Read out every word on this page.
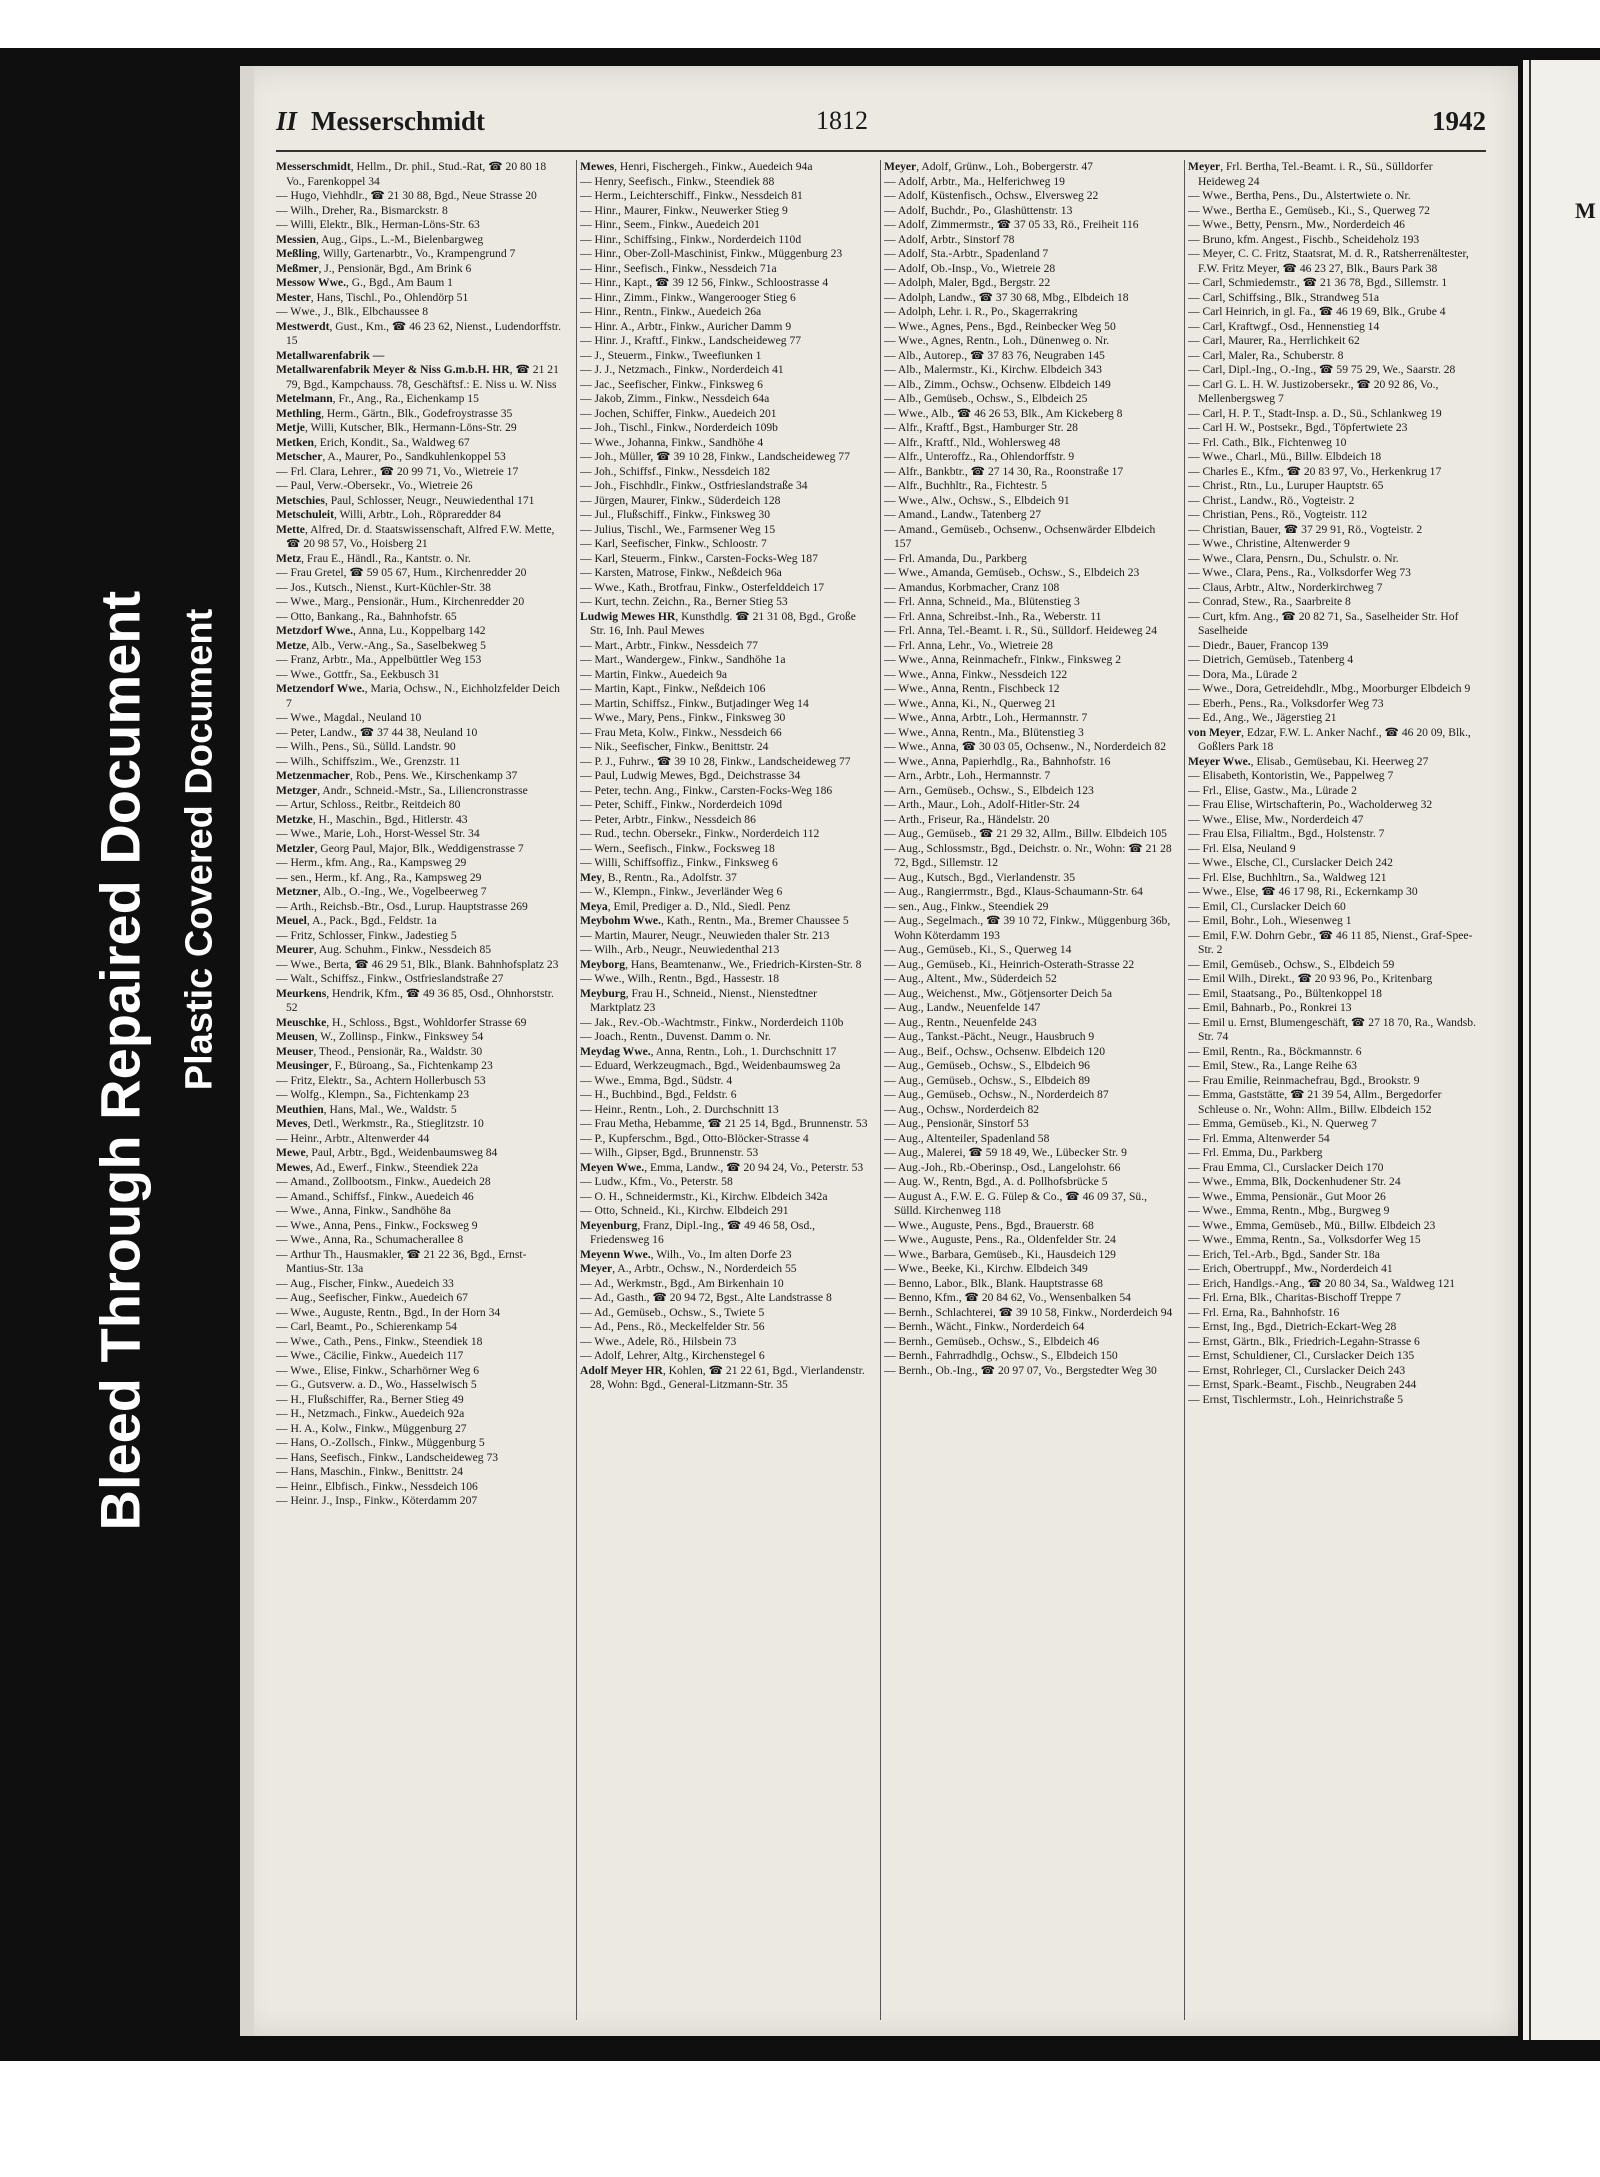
Bleed Through Repaired Document Plastic Covered Document
II Messerschmidt	1812	1942

Messerschmidt, Hellm., Dr. phil., Stud.-Rat, ☎ 20 80 18 Vo., Farenkoppel 34

— Hugo, Viehhdlr., ☎ 21 30 88, Bgd., Neue Strasse 20

— Wilh., Dreher, Ra., Bismarckstr. 8

— Willi, Elektr., Blk., Herman-Löns-Str. 63

Messien, Aug., Gips., L.-M., Bielenbargweg

Meßling, Willy, Gartenarbtr., Vo., Krampengrund 7

Meßmer, J., Pensionär, Bgd., Am Brink 6

Messow Wwe., G., Bgd., Am Baum 1

Mester, Hans, Tischl., Po., Ohlendörp 51

— Wwe., J., Blk., Elbchaussee 8

Mestwerdt, Gust., Km., ☎ 46 23 62, Nienst., Ludendorffstr. 15

Metallwarenfabrik —

Metallwarenfabrik Meyer & Niss G.m.b.H. HR, ☎ 21 21 79, Bgd., Kampchauss. 78, Geschäftsf.: E. Niss u. W. Niss

Metelmann, Fr., Ang., Ra., Eichenkamp 15

Methling, Herm., Gärtn., Blk., Godefroystrasse 35

Metje, Willi, Kutscher, Blk., Hermann-Löns-Str. 29

Metken, Erich, Kondit., Sa., Waldweg 67

Metscher, A., Maurer, Po., Sandkuhlenkoppel 53

— Frl. Clara, Lehrer., ☎ 20 99 71, Vo., Wietreie 17

— Paul, Verw.-Obersekr., Vo., Wietreie 26

Metschies, Paul, Schlosser, Neugr., Neuwiedenthal 171

Metschuleit, Willi, Arbtr., Loh., Röpraredder 84

Mette, Alfred, Dr. d. Staatswissenschaft, Alfred F.W. Mette, ☎ 20 98 57, Vo., Hoisberg 21

Metz, Frau E., Händl., Ra., Kantstr. o. Nr.

— Frau Gretel, ☎ 59 05 67, Hum., Kirchenredder 20

— Jos., Kutsch., Nienst., Kurt-Küchler-Str. 38

— Wwe., Marg., Pensionär., Hum., Kirchenredder 20

— Otto, Bankang., Ra., Bahnhofstr. 65

Metzdorf Wwe., Anna, Lu., Koppelbarg 142

Metze, Alb., Verw.-Ang., Sa., Saselbekweg 5

— Franz, Arbtr., Ma., Appelbüttler Weg 153

— Wwe., Gottfr., Sa., Eekbusch 31

Metzendorf Wwe., Maria, Ochsw., N., Eichholzfelder Deich 7

— Wwe., Magdal., Neuland 10

— Peter, Landw., ☎ 37 44 38, Neuland 10

— Wilh., Pens., Sü., Sülld. Landstr. 90

— Wilh., Schiffszim., We., Grenzstr. 11

Metzenmacher, Rob., Pens. We., Kirschenkamp 37

Metzger, Andr., Schneid.-Mstr., Sa., Liliencronstrasse

— Artur, Schloss., Reitbr., Reitdeich 80

Metzke, H., Maschin., Bgd., Hitlerstr. 43

— Wwe., Marie, Loh., Horst-Wessel Str. 34

Metzler, Georg Paul, Major, Blk., Weddigenstrasse 7

— Herm., kfm. Ang., Ra., Kampsweg 29

— sen., Herm., kf. Ang., Ra., Kampsweg 29

Metzner, Alb., O.-Ing., We., Vogelbeerweg 7

— Arth., Reichsb.-Btr., Osd., Lurup. Hauptstrasse 269

Meuel, A., Pack., Bgd., Feldstr. 1a

— Fritz, Schlosser, Finkw., Jadestieg 5

Meurer, Aug. Schuhm., Finkw., Nessdeich 85

— Wwe., Berta, ☎ 46 29 51, Blk., Blank. Bahnhofsplatz 23

— Walt., Schiffsz., Finkw., Ostfrieslandstraße 27

Meurkens, Hendrik, Kfm., ☎ 49 36 85, Osd., Ohnhorststr. 52

Meuschke, H., Schloss., Bgst., Wohldorfer Strasse 69

Meusen, W., Zollinsp., Finkw., Finkswey 54

Meuser, Theod., Pensionär, Ra., Waldstr. 30

Meusinger, F., Büroang., Sa., Fichtenkamp 23

— Fritz, Elektr., Sa., Achtern Hollerbusch 53

— Wolfg., Klempn., Sa., Fichtenkamp 23

Meuthien, Hans, Mal., We., Waldstr. 5

Meves, Detl., Werkmstr., Ra., Stieglitzstr. 10

— Heinr., Arbtr., Altenwerder 44

Mewe, Paul, Arbtr., Bgd., Weidenbaumsweg 84

Mewes, Ad., Ewerf., Finkw., Steendiek 22a

— Amand., Zollbootsm., Finkw., Auedeich 28

— Amand., Schiffsf., Finkw., Auedeich 46

— Wwe., Anna, Finkw., Sandhöhe 8a

— Wwe., Anna, Pens., Finkw., Focksweg 9

— Wwe., Anna, Ra., Schumacherallee 8

— Arthur Th., Hausmakler, ☎ 21 22 36, Bgd., Ernst-Mantius-Str. 13a

— Aug., Fischer, Finkw., Auedeich 33

— Aug., Seefischer, Finkw., Auedeich 67

— Wwe., Auguste, Rentn., Bgd., In der Horn 34

— Carl, Beamt., Po., Schierenkamp 54

— Wwe., Cath., Pens., Finkw., Steendiek 18

— Wwe., Cäcilie, Finkw., Auedeich 117

— Wwe., Elise, Finkw., Scharhörner Weg 6

— G., Gutsverw. a. D., Wo., Hasselwisch 5

— H., Flußschiffer, Ra., Berner Stieg 49

— H., Netzmach., Finkw., Auedeich 92a

— H. A., Kolw., Finkw., Müggenburg 27

— Hans, O.-Zollsch., Finkw., Müggenburg 5

— Hans, Seefisch., Finkw., Landscheideweg 73

— Hans, Maschin., Finkw., Benittstr. 24

— Heinr., Elbfisch., Finkw., Nessdeich 106

— Heinr. J., Insp., Finkw., Köterdamm 207

Mewes, Henri, Fischergeh., Finkw., Auedeich 94a

— Henry, Seefisch., Finkw., Steendiek 88

— Herm., Leichterschiff., Finkw., Nessdeich 81

— Hinr., Maurer, Finkw., Neuwerker Stieg 9

— Hinr., Seem., Finkw., Auedeich 201

— Hinr., Schiffsing., Finkw., Norderdeich 110d

— Hinr., Ober-Zoll-Maschinist, Finkw., Müggenburg 23

— Hinr., Seefisch., Finkw., Nessdeich 71a

— Hinr., Kapt., ☎ 39 12 56, Finkw., Schloostrasse 4

— Hinr., Zimm., Finkw., Wangerooger Stieg 6

— Hinr., Rentn., Finkw., Auedeich 26a

— Hinr. A., Arbtr., Finkw., Auricher Damm 9

— Hinr. J., Kraftf., Finkw., Landscheideweg 77

— J., Steuerm., Finkw., Tweefiunken 1

— J. J., Netzmach., Finkw., Norderdeich 41

— Jac., Seefischer, Finkw., Finksweg 6

— Jakob, Zimm., Finkw., Nessdeich 64a

— Jochen, Schiffer, Finkw., Auedeich 201

— Joh., Tischl., Finkw., Norderdeich 109b

— Wwe., Johanna, Finkw., Sandhöhe 4

— Joh., Müller, ☎ 39 10 28, Finkw., Landscheideweg 77

— Joh., Schiffsf., Finkw., Nessdeich 182

— Joh., Fischhdlr., Finkw., Ostfrieslandstraße 34

— Jürgen, Maurer, Finkw., Süderdeich 128

— Jul., Flußschiff., Finkw., Finksweg 30

— Julius, Tischl., We., Farmsener Weg 15

— Karl, Seefischer, Finkw., Schloostr. 7

— Karl, Steuerm., Finkw., Carsten-Focks-Weg 187

— Karsten, Matrose, Finkw., Neßdeich 96a

— Wwe., Kath., Brotfrau, Finkw., Osterfelddeich 17

— Kurt, techn. Zeichn., Ra., Berner Stieg 53

Ludwig Mewes HR, Kunsthdlg. ☎ 21 31 08, Bgd., Große Str. 16, Inh. Paul Mewes

— Mart., Arbtr., Finkw., Nessdeich 77

— Mart., Wandergew., Finkw., Sandhöhe 1a

— Martin, Finkw., Auedeich 9a

— Martin, Kapt., Finkw., Neßdeich 106

— Martin, Schiffsz., Finkw., Butjadinger Weg 14

— Wwe., Mary, Pens., Finkw., Finksweg 30

— Frau Meta, Kolw., Finkw., Nessdeich 66

— Nik., Seefischer, Finkw., Benittstr. 24

— P. J., Fuhrw., ☎ 39 10 28, Finkw., Landscheideweg 77

— Paul, Ludwig Mewes, Bgd., Deichstrasse 34

— Peter, techn. Ang., Finkw., Carsten-Focks-Weg 186

— Peter, Schiff., Finkw., Norderdeich 109d

— Peter, Arbtr., Finkw., Nessdeich 86

— Rud., techn. Obersekr., Finkw., Norderdeich 112

— Wern., Seefisch., Finkw., Focksweg 18

— Willi, Schiffsoffiz., Finkw., Finksweg 6

Mey, B., Rentn., Ra., Adolfstr. 37

— W., Klempn., Finkw., Jeverländer Weg 6

Meya, Emil, Prediger a. D., Nld., Siedl. Penz

Meybohm Wwe., Kath., Rentn., Ma., Bremer Chaussee 5

— Martin, Maurer, Neugr., Neuwieden thaler Str. 213

— Wilh., Arb., Neugr., Neuwiedenthal 213

Meyborg, Hans, Beamtenanw., We., Friedrich-Kirsten-Str. 8

— Wwe., Wilh., Rentn., Bgd., Hassestr. 18

Meyburg, Frau H., Schneid., Nienst., Nienstedtner Marktplatz 23

— Jak., Rev.-Ob.-Wachtmstr., Finkw., Norderdeich 110b

— Joach., Rentn., Duvenst. Damm o. Nr.

Meydag Wwe., Anna, Rentn., Loh., 1. Durchschnitt 17

— Eduard, Werkzeugmach., Bgd., Weidenbaumsweg 2a

— Wwe., Emma, Bgd., Südstr. 4

— H., Buchbind., Bgd., Feldstr. 6

— Heinr., Rentn., Loh., 2. Durchschnitt 13

— Frau Metha, Hebamme, ☎ 21 25 14, Bgd., Brunnenstr. 53

— P., Kupferschm., Bgd., Otto-Blöcker-Strasse 4

— Wilh., Gipser, Bgd., Brunnenstr. 53

Meyen Wwe., Emma, Landw., ☎ 20 94 24, Vo., Peterstr. 53

— Ludw., Kfm., Vo., Peterstr. 58

— O. H., Schneidermstr., Ki., Kirchw. Elbdeich 342a

— Otto, Schneid., Ki., Kirchw. Elbdeich 291

Meyenburg, Franz, Dipl.-Ing., ☎ 49 46 58, Osd., Friedensweg 16

Meyenn Wwe., Wilh., Vo., Im alten Dorfe 23

Meyer, A., Arbtr., Ochsw., N., Norderdeich 55

— Ad., Werkmstr., Bgd., Am Birkenhain 10

— Ad., Gasth., ☎ 20 94 72, Bgst., Alte Landstrasse 8

— Ad., Gemüseb., Ochsw., S., Twiete 5

— Ad., Pens., Rö., Meckelfelder Str. 56

— Wwe., Adele, Rö., Hilsbein 73

— Adolf, Lehrer, Altg., Kirchenstegel 6

Adolf Meyer HR, Kohlen, ☎ 21 22 61, Bgd., Vierlandenstr. 28, Wohn: Bgd., General-Litzmann-Str. 35

Meyer, Adolf, Grünw., Loh., Bobergerstr. 47

— Adolf, Arbtr., Ma., Helferichweg 19

— Adolf, Küstenfisch., Ochsw., Elversweg 22

— Adolf, Buchdr., Po., Glashüttenstr. 13

— Adolf, Zimmermstr., ☎ 37 05 33, Rö., Freiheit 116

— Adolf, Arbtr., Sinstorf 78

— Adolf, Sta.-Arbtr., Spadenland 7

— Adolf, Ob.-Insp., Vo., Wietreie 28

— Adolph, Maler, Bgd., Bergstr. 22

— Adolph, Landw., ☎ 37 30 68, Mbg., Elbdeich 18

— Adolph, Lehr. i. R., Po., Skagerrakring

— Wwe., Agnes, Pens., Bgd., Reinbecker Weg 50

— Wwe., Agnes, Rentn., Loh., Dünenweg o. Nr.

— Alb., Autorep., ☎ 37 83 76, Neugraben 145

— Alb., Malermstr., Ki., Kirchw. Elbdeich 343

— Alb., Zimm., Ochsw., Ochsenw. Elbdeich 149

— Alb., Gemüseb., Ochsw., S., Elbdeich 25

— Wwe., Alb., ☎ 46 26 53, Blk., Am Kickeberg 8

— Alfr., Kraftf., Bgst., Hamburger Str. 28

— Alfr., Kraftf., Nld., Wohlersweg 48

— Alfr., Unteroffz., Ra., Ohlendorffstr. 9

— Alfr., Bankbtr., ☎ 27 14 30, Ra., Roonstraße 17

— Alfr., Buchhltr., Ra., Fichtestr. 5

— Wwe., Alw., Ochsw., S., Elbdeich 91

— Amand., Landw., Tatenberg 27

— Amand., Gemüseb., Ochsenw., Ochsenwärder Elbdeich 157

— Frl. Amanda, Du., Parkberg

— Wwe., Amanda, Gemüseb., Ochsw., S., Elbdeich 23

— Amandus, Korbmacher, Cranz 108

— Frl. Anna, Schneid., Ma., Blütenstieg 3

— Frl. Anna, Schreibst.-Inh., Ra., Weberstr. 11

— Frl. Anna, Tel.-Beamt. i. R., Sü., Sülldorf. Heideweg 24

— Frl. Anna, Lehr., Vo., Wietreie 28

— Wwe., Anna, Reinmachefr., Finkw., Finksweg 2

— Wwe., Anna, Finkw., Nessdeich 122

— Wwe., Anna, Rentn., Fischbeck 12

— Wwe., Anna, Ki., N., Querweg 21

— Wwe., Anna, Arbtr., Loh., Hermannstr. 7

— Wwe., Anna, Rentn., Ma., Blütenstieg 3

— Wwe., Anna, ☎ 30 03 05, Ochsenw., N., Norderdeich 82

— Wwe., Anna, Papierhdlg., Ra., Bahnhofstr. 16

— Arn., Arbtr., Loh., Hermannstr. 7

— Arn., Gemüseb., Ochsw., S., Elbdeich 123

— Arth., Maur., Loh., Adolf-Hitler-Str. 24

— Arth., Friseur, Ra., Händelstr. 20

— Aug., Gemüseb., ☎ 21 29 32, Allm., Billw. Elbdeich 105

— Aug., Schlossmstr., Bgd., Deichstr. o. Nr., Wohn: ☎ 21 28 72, Bgd., Sillemstr. 12

— Aug., Kutsch., Bgd., Vierlandenstr. 35

— Aug., Rangierrmstr., Bgd., Klaus-Schaumann-Str. 64

— sen., Aug., Finkw., Steendiek 29

— Aug., Segelmach., ☎ 39 10 72, Finkw., Müggenburg 36b, Wohn Köterdamm 193

— Aug., Gemüseb., Ki., S., Querweg 14

— Aug., Gemüseb., Ki., Heinrich-Osterath-Strasse 22

— Aug., Altent., Mw., Süderdeich 52

— Aug., Weichenst., Mw., Götjensorter Deich 5a

— Aug., Landw., Neuenfelde 147

— Aug., Rentn., Neuenfelde 243

— Aug., Tankst.-Pächt., Neugr., Hausbruch 9

— Aug., Beif., Ochsw., Ochsenw. Elbdeich 120

— Aug., Gemüseb., Ochsw., S., Elbdeich 96

— Aug., Gemüseb., Ochsw., S., Elbdeich 89

— Aug., Gemüseb., Ochsw., N., Norderdeich 87

— Aug., Ochsw., Norderdeich 82

— Aug., Pensionär, Sinstorf 53

— Aug., Altenteiler, Spadenland 58

— Aug., Malerei, ☎ 59 18 49, We., Lübecker Str. 9

— Aug.-Joh., Rb.-Oberinsp., Osd., Langelohstr. 66

— Aug. W., Rentn, Bgd., A. d. Pollhofsbrücke 5

— August A., F.W. E. G. Fülep & Co., ☎ 46 09 37, Sü., Sülld. Kirchenweg 118

— Wwe., Auguste, Pens., Bgd., Brauerstr. 68

— Wwe., Auguste, Pens., Ra., Oldenfelder Str. 24

— Wwe., Barbara, Gemüseb., Ki., Hausdeich 129

— Wwe., Beeke, Ki., Kirchw. Elbdeich 349

— Benno, Labor., Blk., Blank. Hauptstrasse 68

— Benno, Kfm., ☎ 20 84 62, Vo., Wensenbalken 54

— Bernh., Schlachterei, ☎ 39 10 58, Finkw., Norderdeich 94

— Bernh., Wächt., Finkw., Norderdeich 64

— Bernh., Gemüseb., Ochsw., S., Elbdeich 46

— Bernh., Fahrradhdlg., Ochsw., S., Elbdeich 150

— Bernh., Ob.-Ing., ☎ 20 97 07, Vo., Bergstedter Weg 30

Meyer, Frl. Bertha, Tel.-Beamt. i. R., Sü., Sülldorfer Heideweg 24

— Wwe., Bertha, Pens., Du., Alstertwiete o. Nr.

— Wwe., Bertha E., Gemüseb., Ki., S., Querweg 72

— Wwe., Betty, Pensrn., Mw., Norderdeich 46

— Bruno, kfm. Angest., Fischb., Scheideholz 193

— Meyer, C. C. Fritz, Staatsrat, M. d. R., Ratsherrenältester, F.W. Fritz Meyer, ☎ 46 23 27, Blk., Baurs Park 38

— Carl, Schmiedemstr., ☎ 21 36 78, Bgd., Sillemstr. 1

— Carl, Schiffsing., Blk., Strandweg 51a

— Carl Heinrich, in gl. Fa., ☎ 46 19 69, Blk., Grube 4

— Carl, Kraftwgf., Osd., Hennenstieg 14

— Carl, Maurer, Ra., Herrlichkeit 62

— Carl, Maler, Ra., Schuberstr. 8

— Carl, Dipl.-Ing., O.-Ing., ☎ 59 75 29, We., Saarstr. 28

— Carl G. L. H. W. Justizobersekr., ☎ 20 92 86, Vo., Mellenbergsweg 7

— Carl, H. P. T., Stadt-Insp. a. D., Sü., Schlankweg 19

— Carl H. W., Postsekr., Bgd., Töpfertwiete 23

— Frl. Cath., Blk., Fichtenweg 10

— Wwe., Charl., Mü., Billw. Elbdeich 18

— Charles E., Kfm., ☎ 20 83 97, Vo., Herkenkrug 17

— Christ., Rtn., Lu., Luruper Hauptstr. 65

— Christ., Landw., Rö., Vogteistr. 2

— Christian, Pens., Rö., Vogteistr. 112

— Christian, Bauer, ☎ 37 29 91, Rö., Vogteistr. 2

— Wwe., Christine, Altenwerder 9

— Wwe., Clara, Pensrn., Du., Schulstr. o. Nr.

— Wwe., Clara, Pens., Ra., Volksdorfer Weg 73

— Claus, Arbtr., Altw., Norderkirchweg 7

— Conrad, Stew., Ra., Saarbreite 8

— Curt, kfm. Ang., ☎ 20 82 71, Sa., Saselheider Str. Hof Saselheide

— Diedr., Bauer, Francop 139

— Dietrich, Gemüseb., Tatenberg 4

— Dora, Ma., Lürade 2

— Wwe., Dora, Getreidehdlr., Mbg., Moorburger Elbdeich 9

— Eberh., Pens., Ra., Volksdorfer Weg 73

— Ed., Ang., We., Jägerstieg 21

von Meyer, Edzar, F.W. L. Anker Nachf., ☎ 46 20 09, Blk., Goßlers Park 18

Meyer Wwe., Elisab., Gemüsebau, Ki. Heerweg 27

— Elisabeth, Kontoristin, We., Pappelweg 7

— Frl., Elise, Gastw., Ma., Lürade 2

— Frau Elise, Wirtschafterin, Po., Wacholderweg 32

— Wwe., Elise, Mw., Norderdeich 47

— Frau Elsa, Filialtm., Bgd., Holstenstr. 7

— Frl. Elsa, Neuland 9

— Wwe., Elsche, Cl., Curslacker Deich 242

— Frl. Else, Buchhltrn., Sa., Waldweg 121

— Wwe., Else, ☎ 46 17 98, Ri., Eckernkamp 30

— Emil, Cl., Curslacker Deich 60

— Emil, Bohr., Loh., Wiesenweg 1

— Emil, F.W. Dohrn Gebr., ☎ 46 11 85, Nienst., Graf-Spee-Str. 2

— Emil, Gemüseb., Ochsw., S., Elbdeich 59

— Emil Wilh., Direkt., ☎ 20 93 96, Po., Kritenbarg

— Emil, Staatsang., Po., Bültenkoppel 18

— Emil, Bahnarb., Po., Ronkrei 13

— Emil u. Ernst, Blumengeschäft, ☎ 27 18 70, Ra., Wandsb. Str. 74

— Emil, Rentn., Ra., Böckmannstr. 6

— Emil, Stew., Ra., Lange Reihe 63

— Frau Emilie, Reinmachefrau, Bgd., Brookstr. 9

— Emma, Gaststätte, ☎ 21 39 54, Allm., Bergedorfer Schleuse o. Nr., Wohn: Allm., Billw. Elbdeich 152

— Emma, Gemüseb., Ki., N. Querweg 7

— Frl. Emma, Altenwerder 54

— Frl. Emma, Du., Parkberg

— Frau Emma, Cl., Curslacker Deich 170

— Wwe., Emma, Blk, Dockenhudener Str. 24

— Wwe., Emma, Pensionär., Gut Moor 26

— Wwe., Emma, Rentn., Mbg., Burgweg 9

— Wwe., Emma, Gemüseb., Mü., Billw. Elbdeich 23

— Wwe., Emma, Rentn., Sa., Volksdorfer Weg 15

— Erich, Tel.-Arb., Bgd., Sander Str. 18a

— Erich, Obertruppf., Mw., Norderdeich 41

— Erich, Handlgs.-Ang., ☎ 20 80 34, Sa., Waldweg 121

— Frl. Erna, Blk., Charitas-Bischoff Treppe 7

— Frl. Erna, Ra., Bahnhofstr. 16

— Ernst, Ing., Bgd., Dietrich-Eckart-Weg 28

— Ernst, Gärtn., Blk., Friedrich-Legahn-Strasse 6

— Ernst, Schuldiener, Cl., Curslacker Deich 135

— Ernst, Rohrleger, Cl., Curslacker Deich 243

— Ernst, Spark.-Beamt., Fischb., Neugraben 244

— Ernst, Tischlermstr., Loh., Heinrichstraße 5

M
